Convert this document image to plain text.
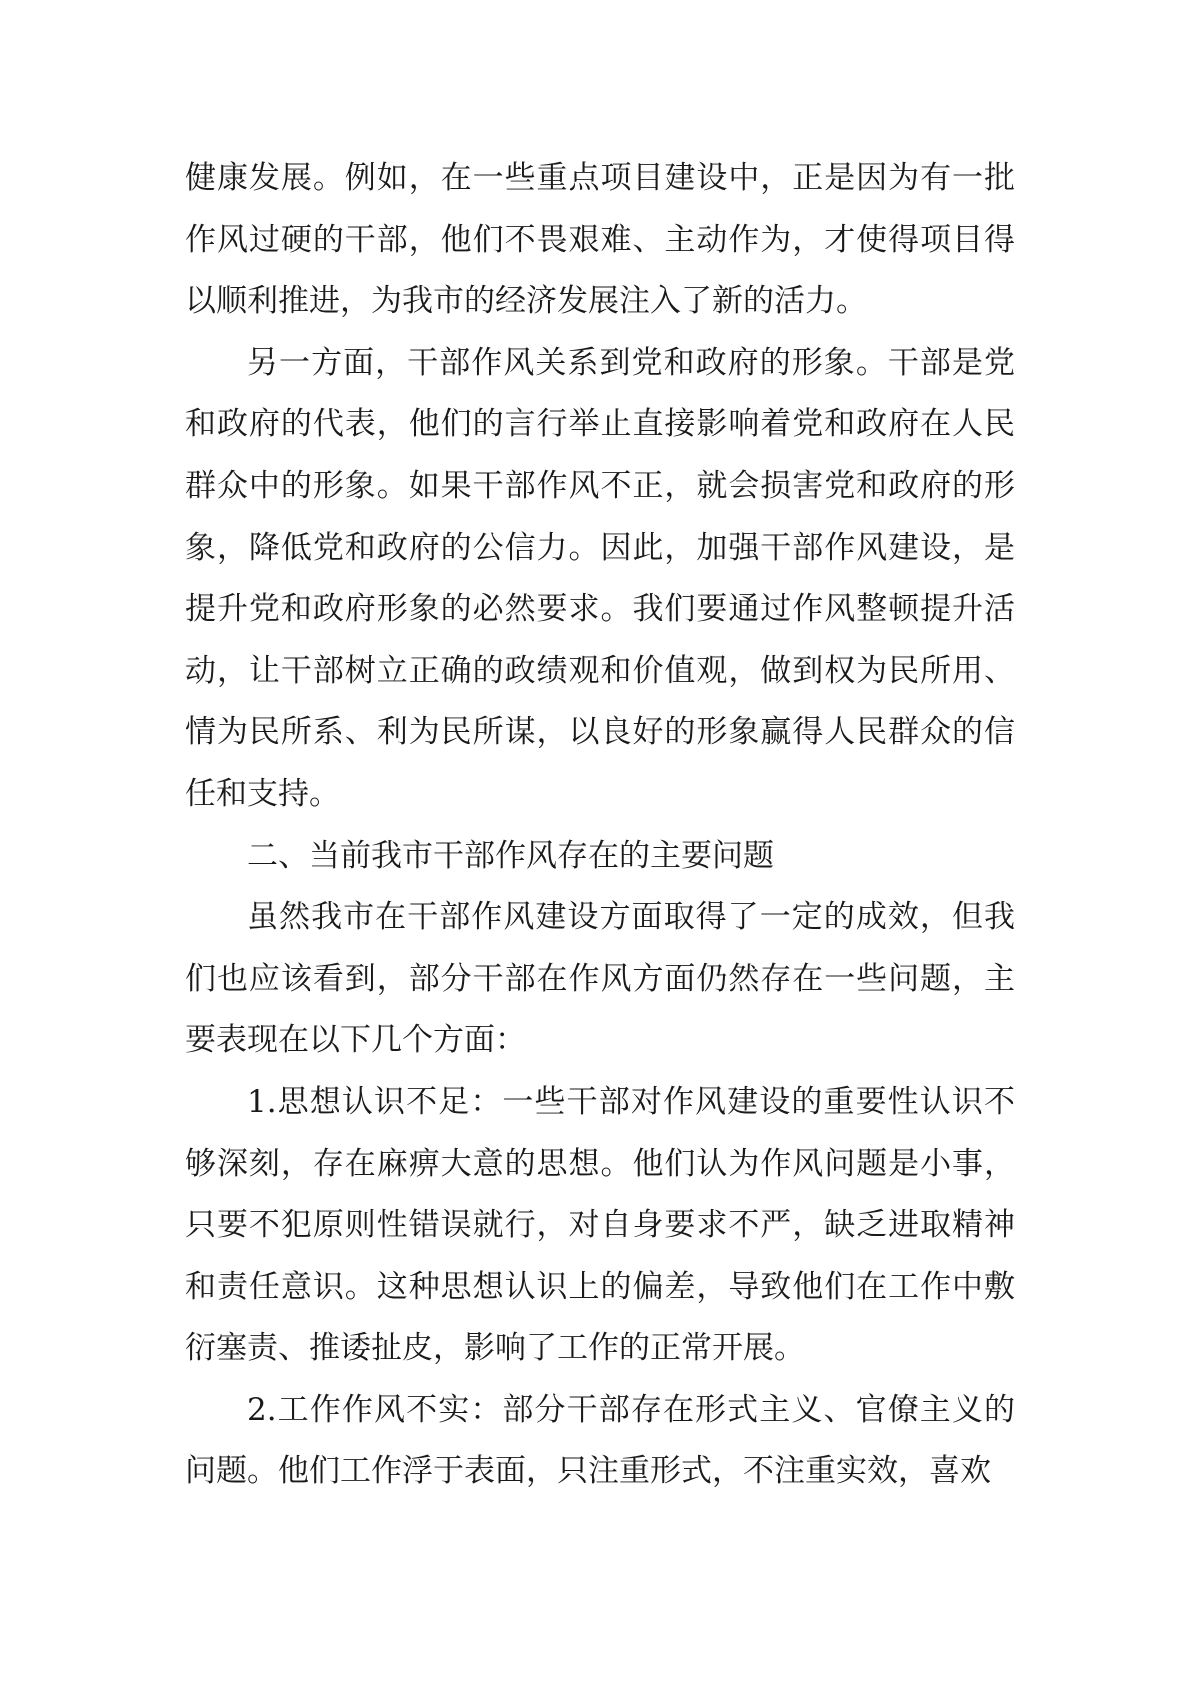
健康发展。例如，在一些重点项目建设中，正是因为有一批作风过硬的干部，他们不畏艰难、主动作为，才使得项目得以顺利推进，为我市的经济发展注入了新的活力。

另一方面，干部作风关系到党和政府的形象。干部是党和政府的代表，他们的言行举止直接影响着党和政府在人民群众中的形象。如果干部作风不正，就会损害党和政府的形象，降低党和政府的公信力。因此，加强干部作风建设，是提升党和政府形象的必然要求。我们要通过作风整顿提升活动，让干部树立正确的政绩观和价值观，做到权为民所用、情为民所系、利为民所谋，以良好的形象赢得人民群众的信任和支持。

二、当前我市干部作风存在的主要问题

虽然我市在干部作风建设方面取得了一定的成效，但我们也应该看到，部分干部在作风方面仍然存在一些问题，主要表现在以下几个方面：

1.思想认识不足：一些干部对作风建设的重要性认识不够深刻，存在麻痹大意的思想。他们认为作风问题是小事，只要不犯原则性错误就行，对自身要求不严，缺乏进取精神和责任意识。这种思想认识上的偏差，导致他们在工作中敷衍塞责、推诿扯皮，影响了工作的正常开展。

2.工作作风不实：部分干部存在形式主义、官僚主义的问题。他们工作浮于表面，只注重形式，不注重实效，喜欢
